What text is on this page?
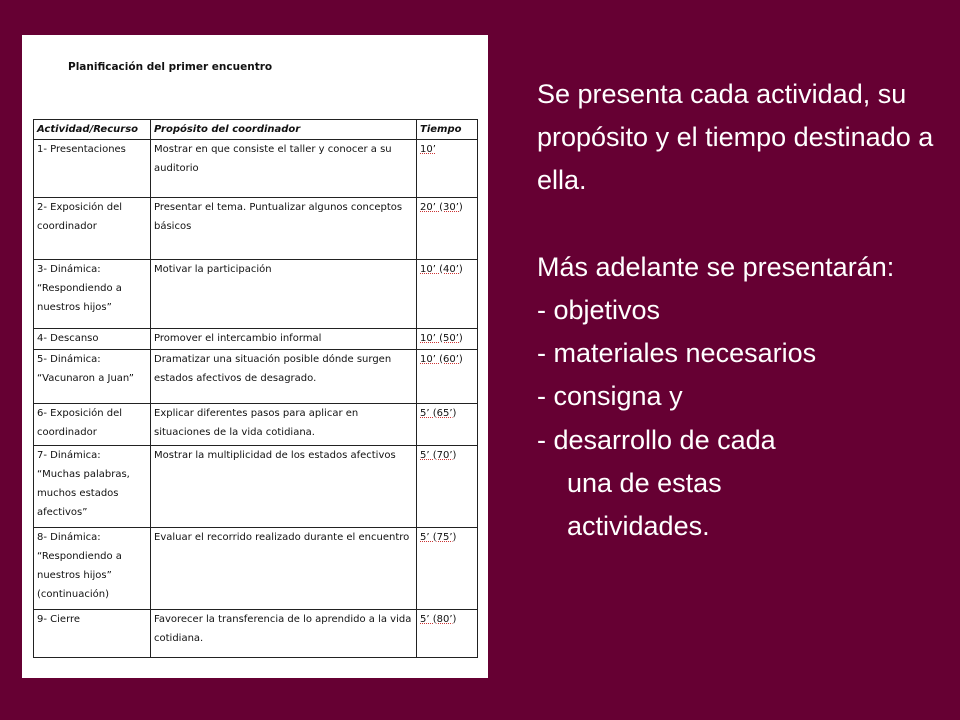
Planificación del primer encuentro
Actividad/Recurso	Propósito del coordinador	Tiempo
1- Presentaciones	Mostrar en que consiste el taller y conocer a su auditorio	10’
2- Exposición del coordinador	Presentar el tema. Puntualizar algunos conceptos básicos	20’ (30’)
3- Dinámica: “Respondiendo a nuestros hijos”	Motivar la participación	10’ (40’)
4- Descanso	Promover el intercambio informal	10’ (50’)
5- Dinámica: “Vacunaron a Juan”	Dramatizar una situación posible dónde surgen estados afectivos de desagrado.	10’ (60’)
6- Exposición del coordinador	Explicar diferentes pasos para aplicar en situaciones de la vida cotidiana.	5’ (65’)
7- Dinámica: “Muchas palabras, muchos estados afectivos”	Mostrar la multiplicidad de los estados afectivos	5’ (70’)
8- Dinámica: “Respondiendo a nuestros hijos” (continuación)	Evaluar el recorrido realizado durante el encuentro	5’ (75’)
9- Cierre	Favorecer la transferencia de lo aprendido a la vida cotidiana.	5’ (80’)

Se presenta cada actividad, su propósito y el tiempo destinado a ella.

Más adelante se presentarán:

- objetivos

- materiales necesarios

- consigna y

- desarrollo de cada

una de estas

actividades.
